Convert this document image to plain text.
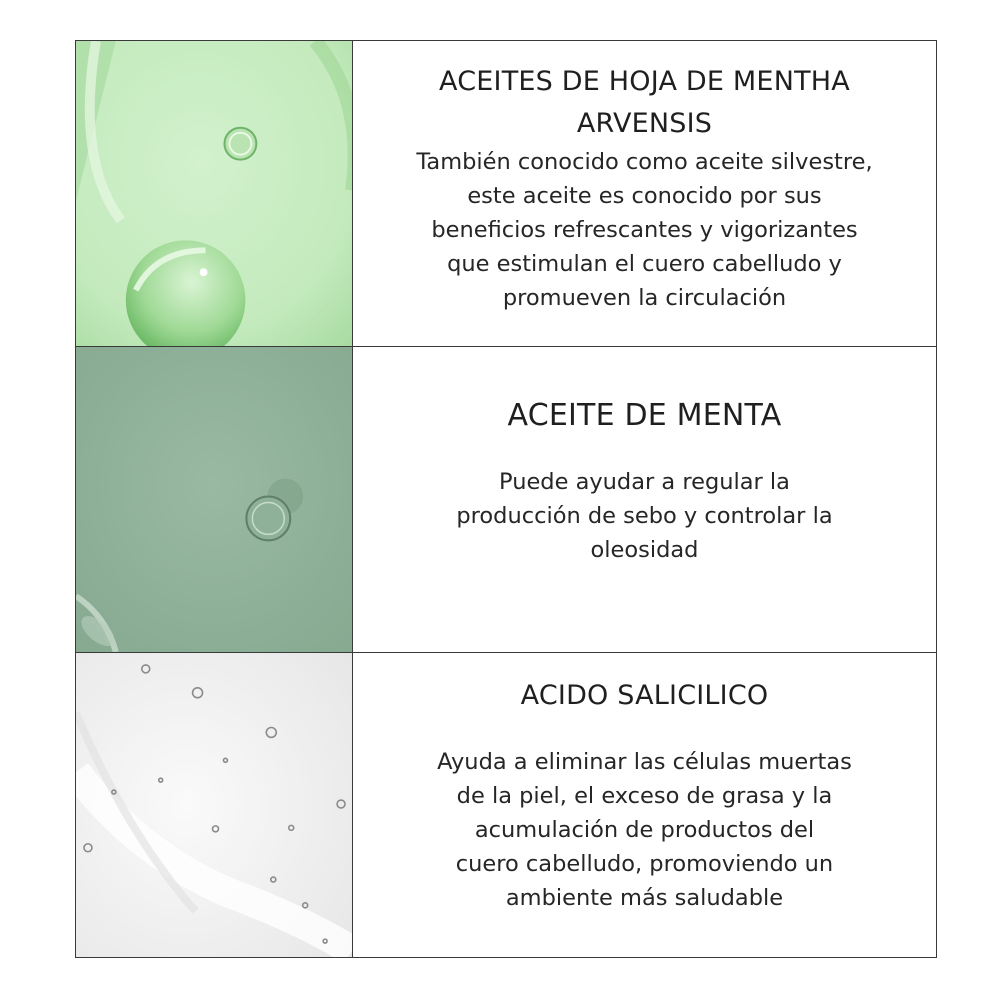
ACEITES DE HOJA DE MENTHA
ARVENSIS

También conocido como aceite silvestre,
este aceite es conocido por sus
beneficios refrescantes y vigorizantes
que estimulan el cuero cabelludo y
promueven la circulación

ACEITE DE MENTA

Puede ayudar a regular la
producción de sebo y controlar la
oleosidad

ACIDO SALICILICO

Ayuda a eliminar las células muertas
de la piel, el exceso de grasa y la
acumulación de productos del
cuero cabelludo, promoviendo un
ambiente más saludable
